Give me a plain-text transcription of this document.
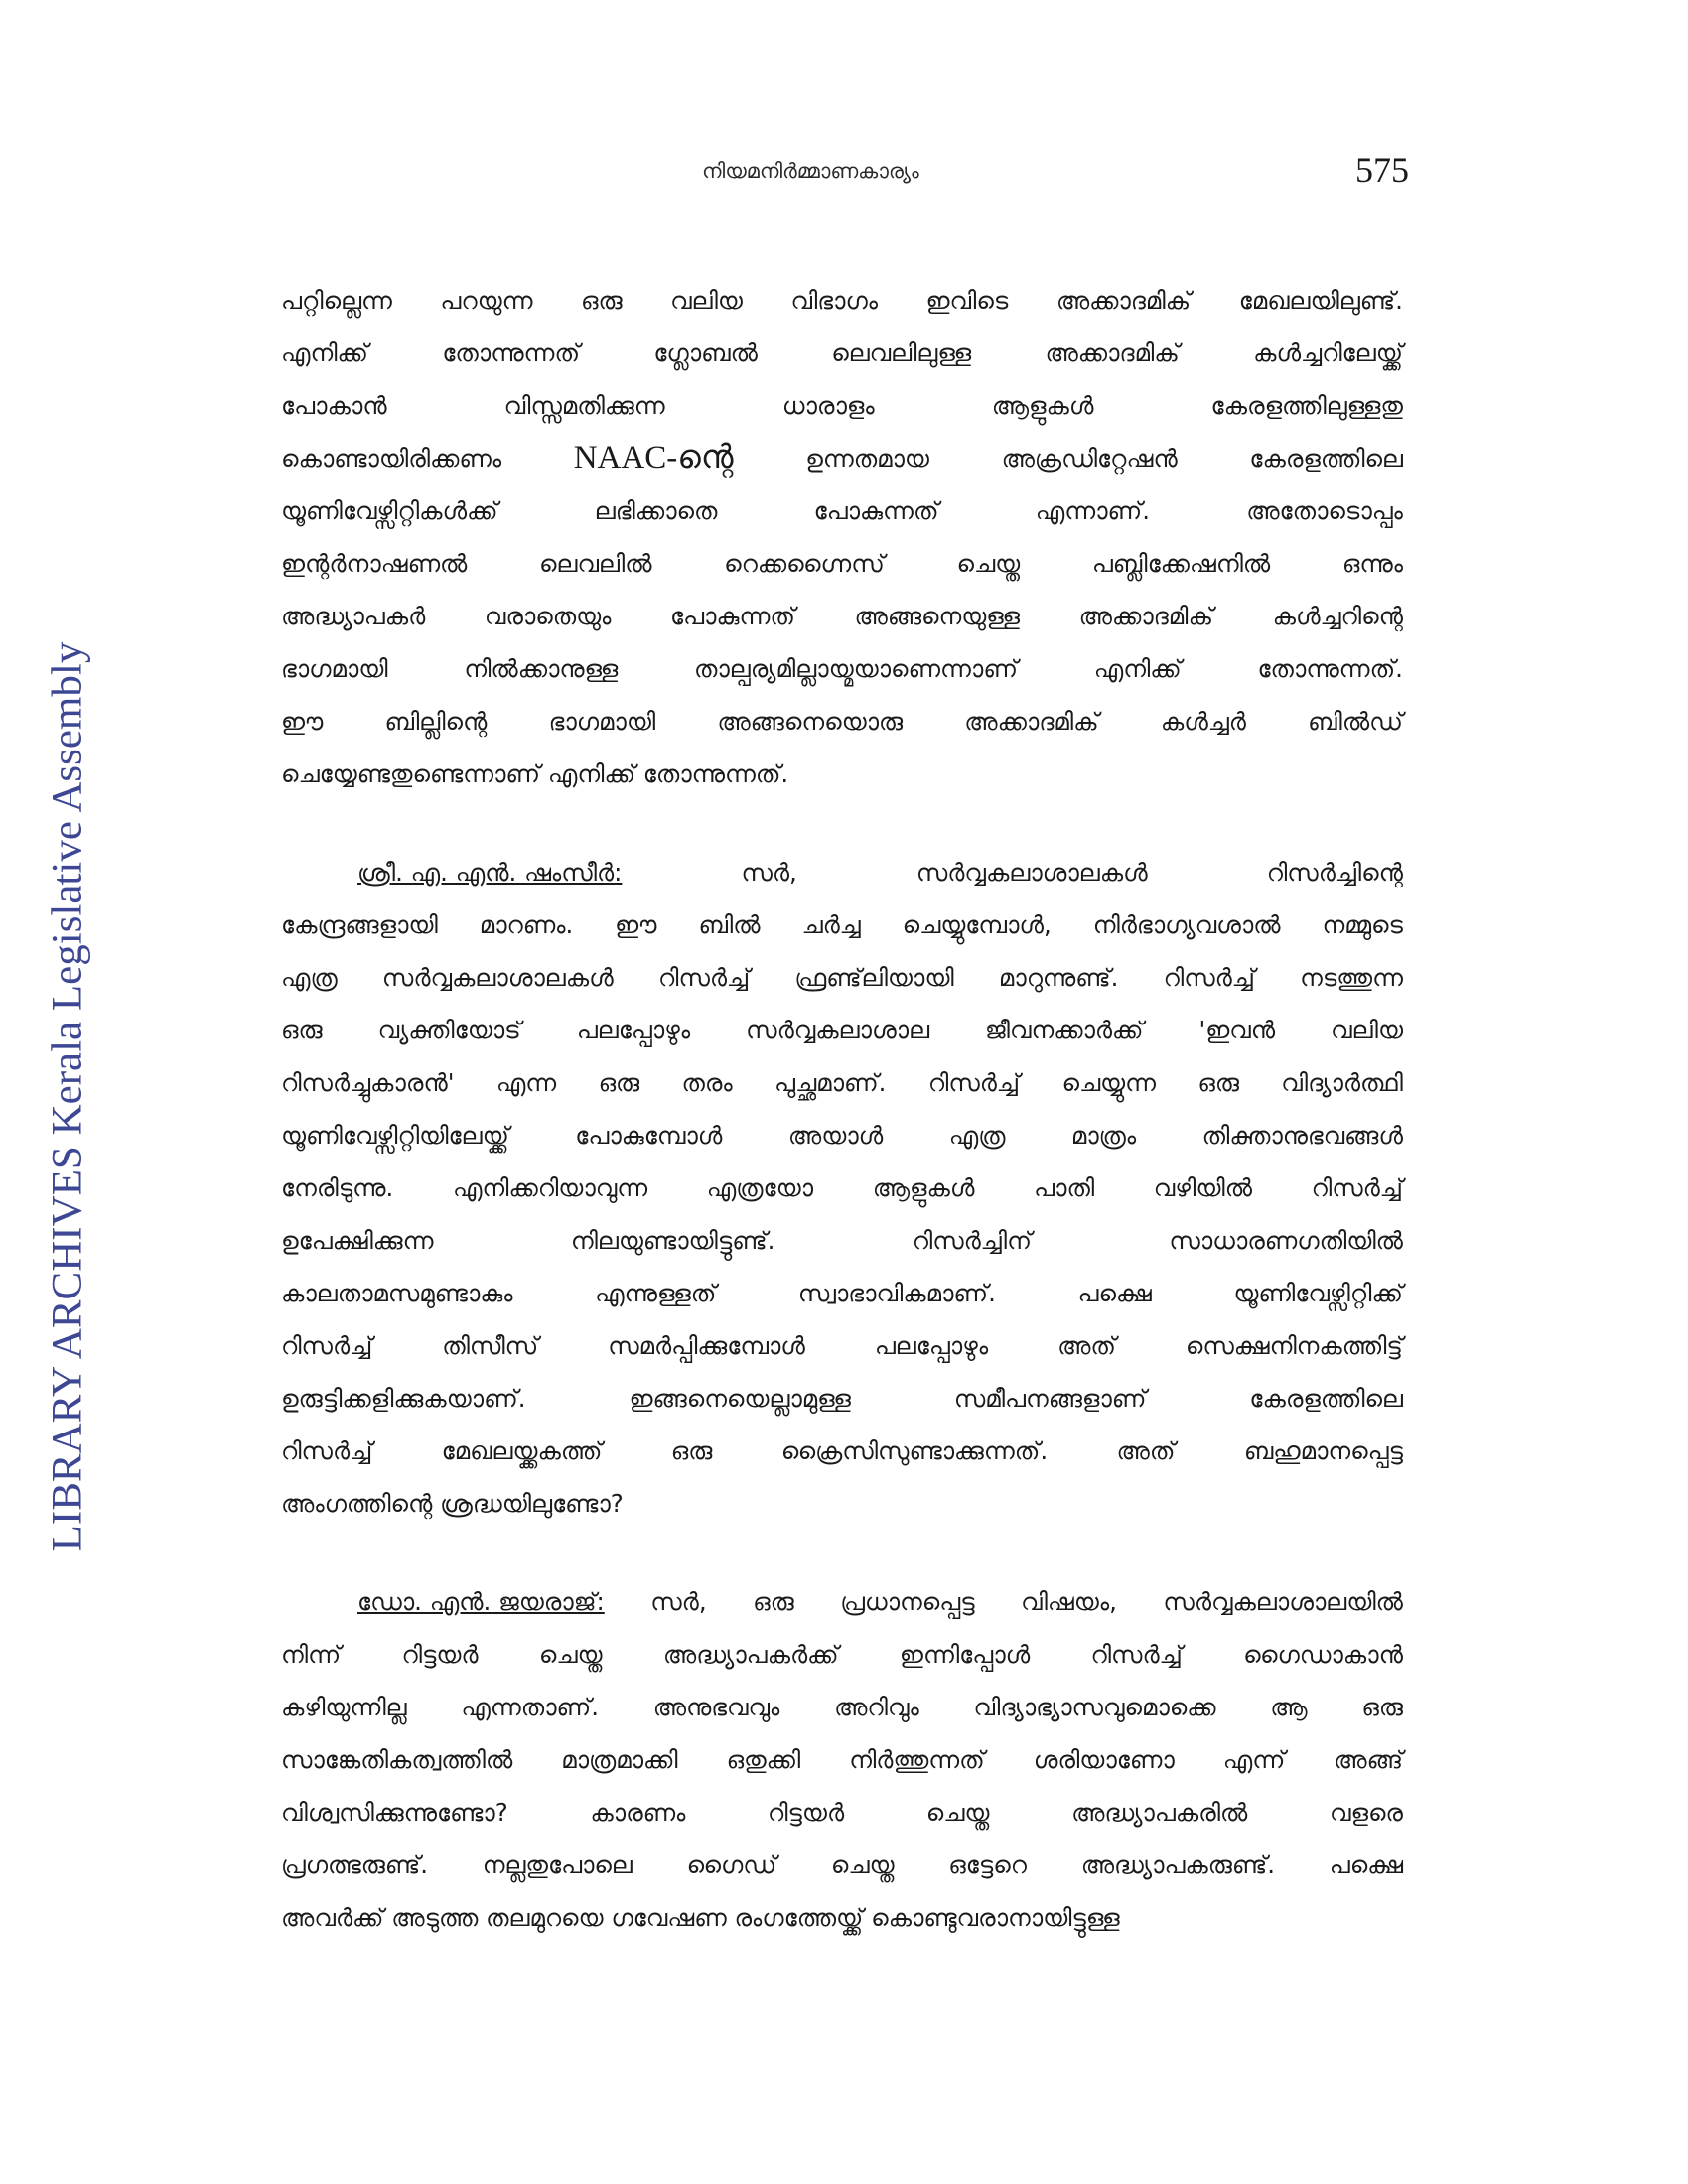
LIBRARY ARCHIVES Kerala Legislative Assembly
നിയമനിർമ്മാണകാര്യം	575
പറ്റില്ലെന്ന പറയുന്ന ഒരു വലിയ വിഭാഗം ഇവിടെ അക്കാദമിക് മേഖലയിലുണ്ട്.
എനിക്ക്	തോന്നുന്നത്	ഗ്ലോബൽ	ലെവലിലുള്ള	അക്കാദമിക്	കൾച്ചറിലേയ്ക്ക്
പോകാൻ	വിസ്സമതിക്കുന്ന	ധാരാളം	ആളുകൾ	കേരളത്തിലുള്ളതു
കൊണ്ടായിരിക്കണം NAAC-ന്റെ	ഉന്നതമായ	അക്രഡിറ്റേഷൻ	കേരളത്തിലെ
യൂണിവേഴ്സിറ്റികൾക്ക്	ലഭിക്കാതെ	പോകുന്നത്	എന്നാണ്.	അതോടൊപ്പം
ഇന്റർനാഷണൽ	ലെവലിൽ	റെക്കഗ്നൈസ്	ചെയ്ത	പബ്ലിക്കേഷനിൽ	ഒന്നും
അദ്ധ്യാപകർ വരാതെയും പോകുന്നത് അങ്ങനെയുള്ള അക്കാദമിക് കൾച്ചറിന്റെ
ഭാഗമായി	നിൽക്കാനുള്ള	താല്പര്യമില്ലായ്മയാണെന്നാണ്	എനിക്ക്	തോന്നുന്നത്.
ഈ	ബില്ലിന്റെ	ഭാഗമായി	അങ്ങനെയൊരു	അക്കാദമിക്	കൾച്ചർ	ബിൽഡ്
ചെയ്യേണ്ടതുണ്ടെന്നാണ് എനിക്ക് തോന്നുന്നത്.
ശ്രീ. എ. എൻ. ഷംസീർ:	സർ,	സർവ്വകലാശാലകൾ	റിസർച്ചിന്റെ
കേന്ദ്രങ്ങളായി മാറണം. ഈ ബിൽ ചർച്ച ചെയ്യുമ്പോൾ, നിർഭാഗ്യവശാൽ നമ്മുടെ
എത്ര സർവ്വകലാശാലകൾ റിസർച്ച് ഫ്രണ്ട്‌ലിയായി മാറുന്നുണ്ട്. റിസർച്ച് നടത്തുന്ന
ഒരു വ്യക്തിയോട് പലപ്പോഴും സർവ്വകലാശാല ജീവനക്കാർക്ക് 'ഇവൻ വലിയ
റിസർച്ചുകാരൻ' എന്ന ഒരു തരം പുച്ഛമാണ്. റിസർച്ച് ചെയ്യുന്ന ഒരു വിദ്യാർത്ഥി
യൂണിവേഴ്സിറ്റിയിലേയ്ക്ക്	പോകുമ്പോൾ	അയാൾ	എത്ര	മാത്രം	തിക്താനുഭവങ്ങൾ
നേരിടുന്നു. എനിക്കറിയാവുന്ന എത്രയോ ആളുകൾ പാതി വഴിയിൽ റിസർച്ച്
ഉപേക്ഷിക്കുന്ന	നിലയുണ്ടായിട്ടുണ്ട്.	റിസർച്ചിന്	സാധാരണഗതിയിൽ
കാലതാമസമുണ്ടാകും	എന്നുള്ളത്	സ്വാഭാവികമാണ്.	പക്ഷെ	യൂണിവേഴ്സിറ്റിക്ക്
റിസർച്ച്	തിസീസ്	സമർപ്പിക്കുമ്പോൾ	പലപ്പോഴും	അത്	സെക്ഷനിനകത്തിട്ട്
ഉരുട്ടിക്കളിക്കുകയാണ്.	ഇങ്ങനെയെല്ലാമുള്ള	സമീപനങ്ങളാണ്	കേരളത്തിലെ
റിസർച്ച്	മേഖലയ്ക്കകത്ത്	ഒരു	ക്രൈസിസുണ്ടാക്കുന്നത്.	അത്	ബഹുമാനപ്പെട്ട
അംഗത്തിന്റെ ശ്രദ്ധയിലുണ്ടോ?
ഡോ. എൻ. ജയരാജ്: സർ, ഒരു പ്രധാനപ്പെട്ട വിഷയം, സർവ്വകലാശാലയിൽ
നിന്ന്	റിട്ടയർ	ചെയ്ത	അദ്ധ്യാപകർക്ക്	ഇന്നിപ്പോൾ	റിസർച്ച്	ഗൈഡാകാൻ
കഴിയുന്നില്ല എന്നതാണ്. അനുഭവവും അറിവും വിദ്യാഭ്യാസവുമൊക്കെ ആ ഒരു
സാങ്കേതികത്വത്തിൽ മാത്രമാക്കി ഒതുക്കി നിർത്തുന്നത് ശരിയാണോ എന്ന് അങ്ങ്
വിശ്വസിക്കുന്നുണ്ടോ?	കാരണം	റിട്ടയർ	ചെയ്ത	അദ്ധ്യാപകരിൽ	വളരെ
പ്രഗത്ഭരുണ്ട്. നല്ലതുപോലെ ഗൈഡ് ചെയ്ത ഒട്ടേറെ അദ്ധ്യാപകരുണ്ട്. പക്ഷെ
അവർക്ക് അടുത്ത തലമുറയെ ഗവേഷണ രംഗത്തേയ്ക്ക് കൊണ്ടുവരാനായിട്ടുള്ള
